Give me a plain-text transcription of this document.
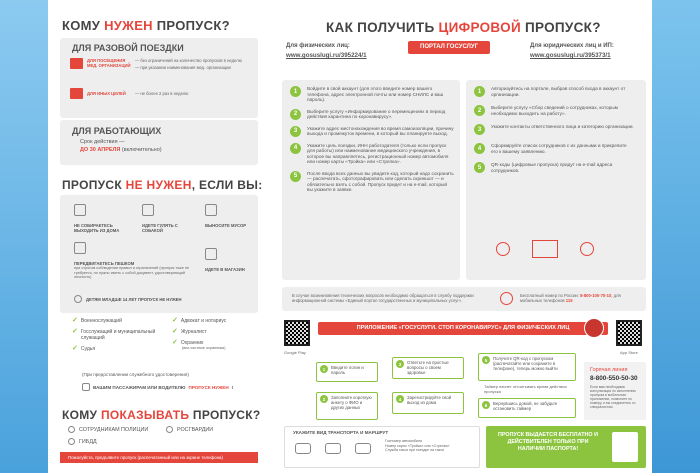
КОМУ НУЖЕН ПРОПУСК?
ДЛЯ РАЗОВОЙ ПОЕЗДКИ
ДЛЯ ПОСЕЩЕНИЯ МЕД. ОРГАНИЗАЦИЙ
— без ограничений на количество пропусков в неделю
— при указании наименования мед. организации
ДЛЯ ИНЫХ ЦЕЛЕЙ	— не более 2 раз в неделю
ДЛЯ РАБОТАЮЩИХ
Срок действия —
ДО 30 АПРЕЛЯ (включительно)
ПРОПУСК НЕ НУЖЕН, ЕСЛИ ВЫ:
НЕ СОБИРАЕТЕСЬ ВЫХОДИТЬ ИЗ ДОМА
ИДЕТЕ ГУЛЯТЬ С СОБАКОЙ
ВЫНОСИТЕ МУСОР
ПЕРЕДВИГАЕТЕСЬ ПЕШКОМ
при строгом соблюдении правил и ограничений (пропуск тоже не требуется, но нужно иметь с собой документ, удостоверяющий личность)
ИДЕТЕ В МАГАЗИН
ДЕТЯМ МЛАДШЕ 14 ЛЕТ ПРОПУСК НЕ НУЖЕН
✓ Военнослужащий
✓ Госслужащий и муниципальный служащий
✓ Судья
✓ Адвокат и нотариус
✓ Журналист
✓ Охранник
(вкл.частные охранники)
(При предоставлении служебного удостоверения)
ВАШИМ ПАССАЖИРАМ ИЛИ ВОДИТЕЛЮ ПРОПУСК НУЖЕН !
КОМУ ПОКАЗЫВАТЬ ПРОПУСК?
СОТРУДНИКАМ ПОЛИЦИИ	РОСГВАРДИИ
ГИБДД
Пожалуйста, предъявите пропуск (распечатанный или на экране телефона)
КАК ПОЛУЧИТЬ ЦИФРОВОЙ ПРОПУСК?
ПОРТАЛ ГОСУСЛУГ
Для физических лиц:
www.gosuslugi.ru/395224/1
Для юридических лиц и ИП:
www.gosuslugi.ru/395373/1
1	Войдите в свой аккаунт (для этого введите номер вашего телефона, адрес электронной почты или номер СНИЛС и ваш пароль).
2	Выберите услугу «Информирование о перемещениях в период действия карантина по коронавирусу».
3	Укажите адрес местонахождения во время самоизоляции, причину выхода и промежуток времени, в который вы планируете выход.
4	Укажите цель поездки, ИНН работодателя (только если пропуск для работы) или наименование медицинского учреждения, в которое вы направляетесь, регистрационный номер автомобиля или номер карты «Тройка» или «Стрелка».
5	После ввода всех данных вы увидите код, который надо сохранить — распечатать, сфотографировать или сделать скриншот — и обязательно взять с собой. Пропуск придет и на e-mail, который вы укажите в заявке.
1	Авторизуйтесь на портале, выбрав способ входа в аккаунт от организации.
2	Выберите услугу «Сбор сведений о сотрудниках, которым необходимо выходить на работу».
3	Укажите контакты ответственного лица и категорию организации.
4	Сформируйте список сотрудников с их данными и прикрепите его к вашему заявлению.
5	QR-коды (цифровые пропуска) придут на e-mail адреса сотрудников.
В случае возникновения технических вопросов необходимо обращаться в службу поддержки информационной системы «Единый портал государственных и муниципальных услуг».
Бесплатный номер по России: 8-800-100-70-10, для мобильных телефонов 115
Google Play	App Store
ПРИЛОЖЕНИЕ «ГОСУСЛУГИ. СТОП КОРОНАВИРУС» ДЛЯ ФИЗИЧЕСКИХ ЛИЦ
1	Введите логин и пароль
3	Ответьте на простые вопросы о своем здоровье
5	Получите QR-код с пропуском (распечатайте или сохраните в телефоне), теперь можно выйти
2	Заполните короткую анкету о ФИО и других данных
4	Зарегистрируйте свой выход из дома
Таймер начнет отсчитывать время действия пропуска
6	Вернувшись домой, не забудьте остановить таймер
Горячая линия
8-800-550-50-30
Если вам необходима консультация по заполнению пропуска в мобильном приложении, позвоните по номеру, и вы соединитесь со специалистом.
УКАЖИТЕ ВИД ТРАНСПОРТА И МАРШРУТ
Госномер автомобиля
Номер карты «Тройка» или «Стрелка»
Служба такси при поездке на такси
ПРОПУСК ВЫДАЕТСЯ БЕСПЛАТНО И ДЕЙСТВИТЕЛЕН ТОЛЬКО ПРИ НАЛИЧИИ ПАСПОРТА!
